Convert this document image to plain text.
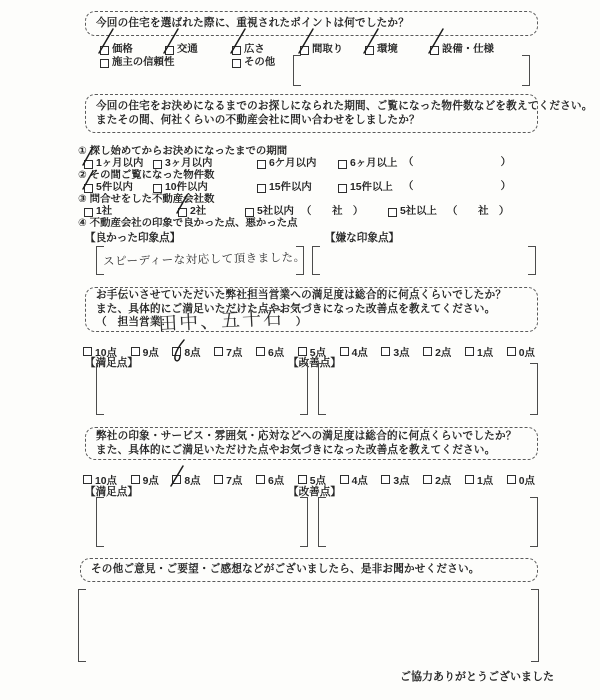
今回の住宅を選ばれた際に、重視されたポイントは何でしたか？
価格	交通	広さ	間取り	環境	設備・仕様
施主の信頼性	その他
今回の住宅をお決めになるまでのお探しになられた期間、ご覧になった物件数などを教えてください。
またその間、何社くらいの不動産会社に問い合わせをしましたか？
① 探し始めてからお決めになったまでの期間
1ヶ月以内 3ヶ月以内	6ケ月以内	6ヶ月以上 （	）
② その間ご覧になった物件数
5件以内	10件以内	15件以内	15件以上 （	）
③ 問合せをした不動産会社数
1社	2社	5社以内 （　　社　）	5社以上 （　　社　）
④ 不動産会社の印象で良かった点、悪かった点
【良かった印象点】	【嫌な印象点】
スピーディーな対応して頂きました。
お手伝いさせていただいた弊社担当営業への満足度は総合的に何点くらいでしたか？
また、具体的にご満足いただけた点やお気づきになった改善点を教えてください。
（　担当営業：	）
田中、五十石
10点 9点 8点 7点 6点 5点 4点 3点 2点 1点 0点
【満足点】	【改善点】
弊社の印象・サービス・雰囲気・応対などへの満足度は総合的に何点くらいでしたか？
また、具体的にご満足いただけた点やお気づきになった改善点を教えてください。
10点 9点 8点 7点 6点 5点 4点 3点 2点 1点 0点
【満足点】	【改善点】
その他ご意見・ご要望・ご感想などがございましたら、是非お聞かせください。
ご協力ありがとうございました
